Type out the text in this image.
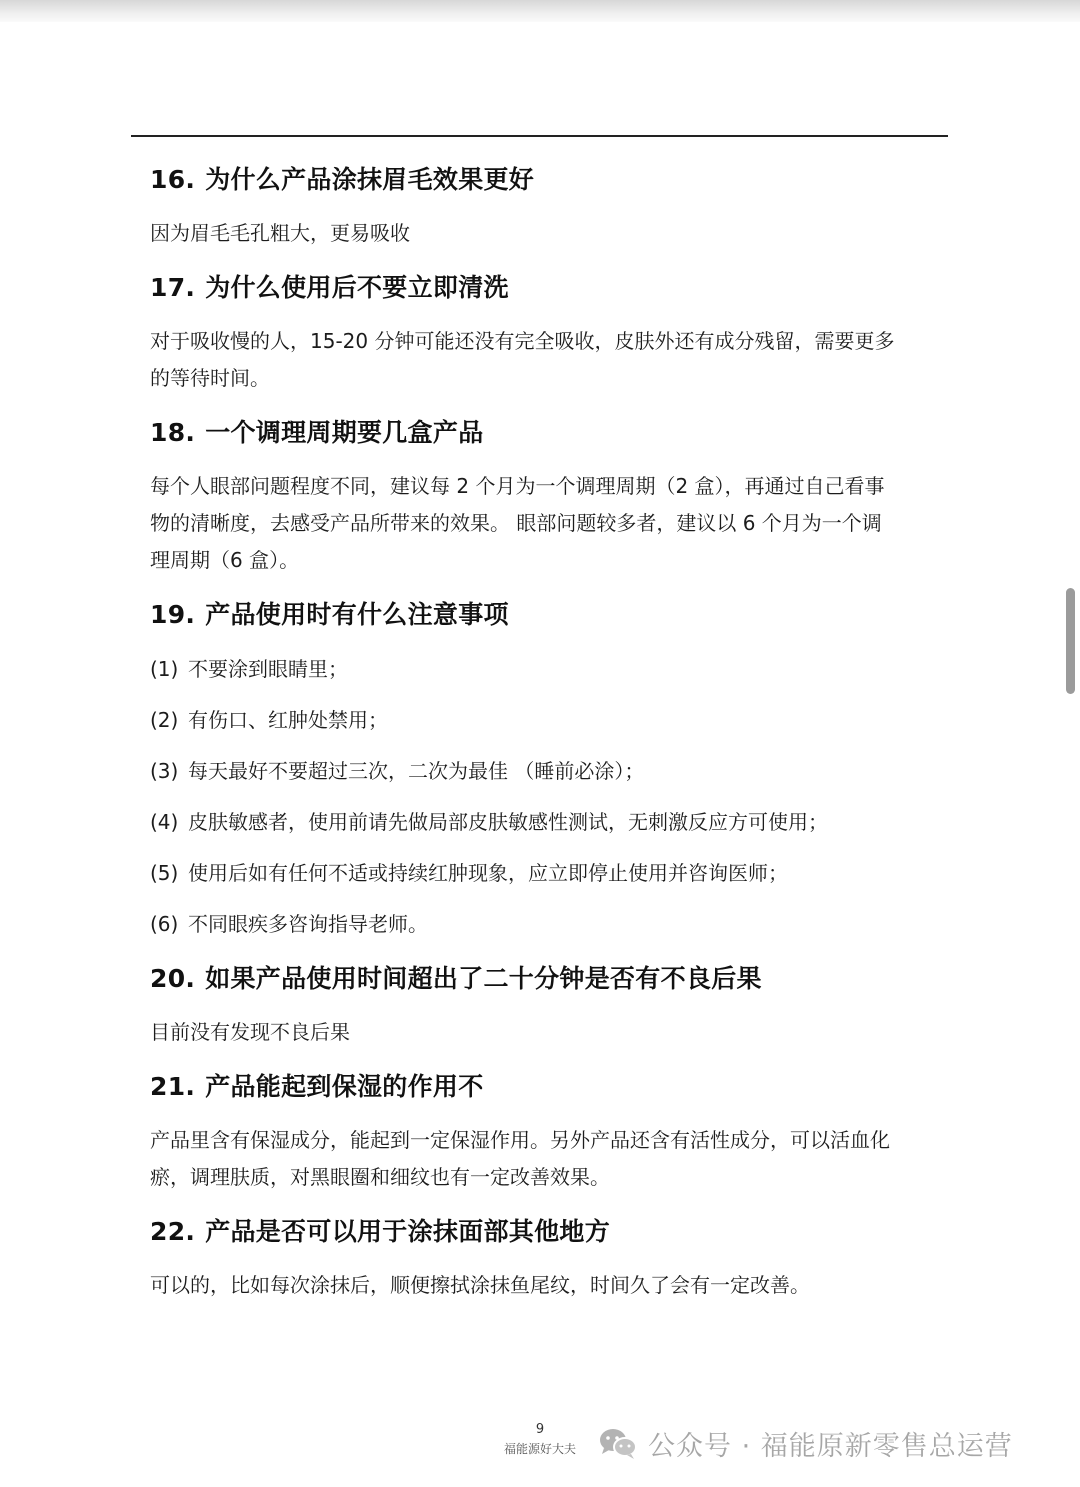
16. 为什么产品涂抹眉毛效果更好

因为眉毛毛孔粗大，更易吸收

17. 为什么使用后不要立即清洗

对于吸收慢的人，15-20 分钟可能还没有完全吸收，皮肤外还有成分残留，需要更多

的等待时间。

18. 一个调理周期要几盒产品

每个人眼部问题程度不同，建议每 2 个月为一个调理周期（2 盒），再通过自己看事

物的清晰度，去感受产品所带来的效果。 眼部问题较多者，建议以 6 个月为一个调

理周期（6 盒）。

19. 产品使用时有什么注意事项

(1) 不要涂到眼睛里；

(2) 有伤口、红肿处禁用；

(3) 每天最好不要超过三次，二次为最佳 （睡前必涂）；

(4) 皮肤敏感者，使用前请先做局部皮肤敏感性测试，无刺激反应方可使用；

(5) 使用后如有任何不适或持续红肿现象，应立即停止使用并咨询医师；

(6) 不同眼疾多咨询指导老师。

20. 如果产品使用时间超出了二十分钟是否有不良后果

目前没有发现不良后果

21. 产品能起到保湿的作用不

产品里含有保湿成分，能起到一定保湿作用。另外产品还含有活性成分，可以活血化

瘀，调理肤质，对黑眼圈和细纹也有一定改善效果。

22. 产品是否可以用于涂抹面部其他地方

可以的，比如每次涂抹后，顺便擦拭涂抹鱼尾纹，时间久了会有一定改善。

9
福能源好大夫	公众号 · 福能原新零售总运营
